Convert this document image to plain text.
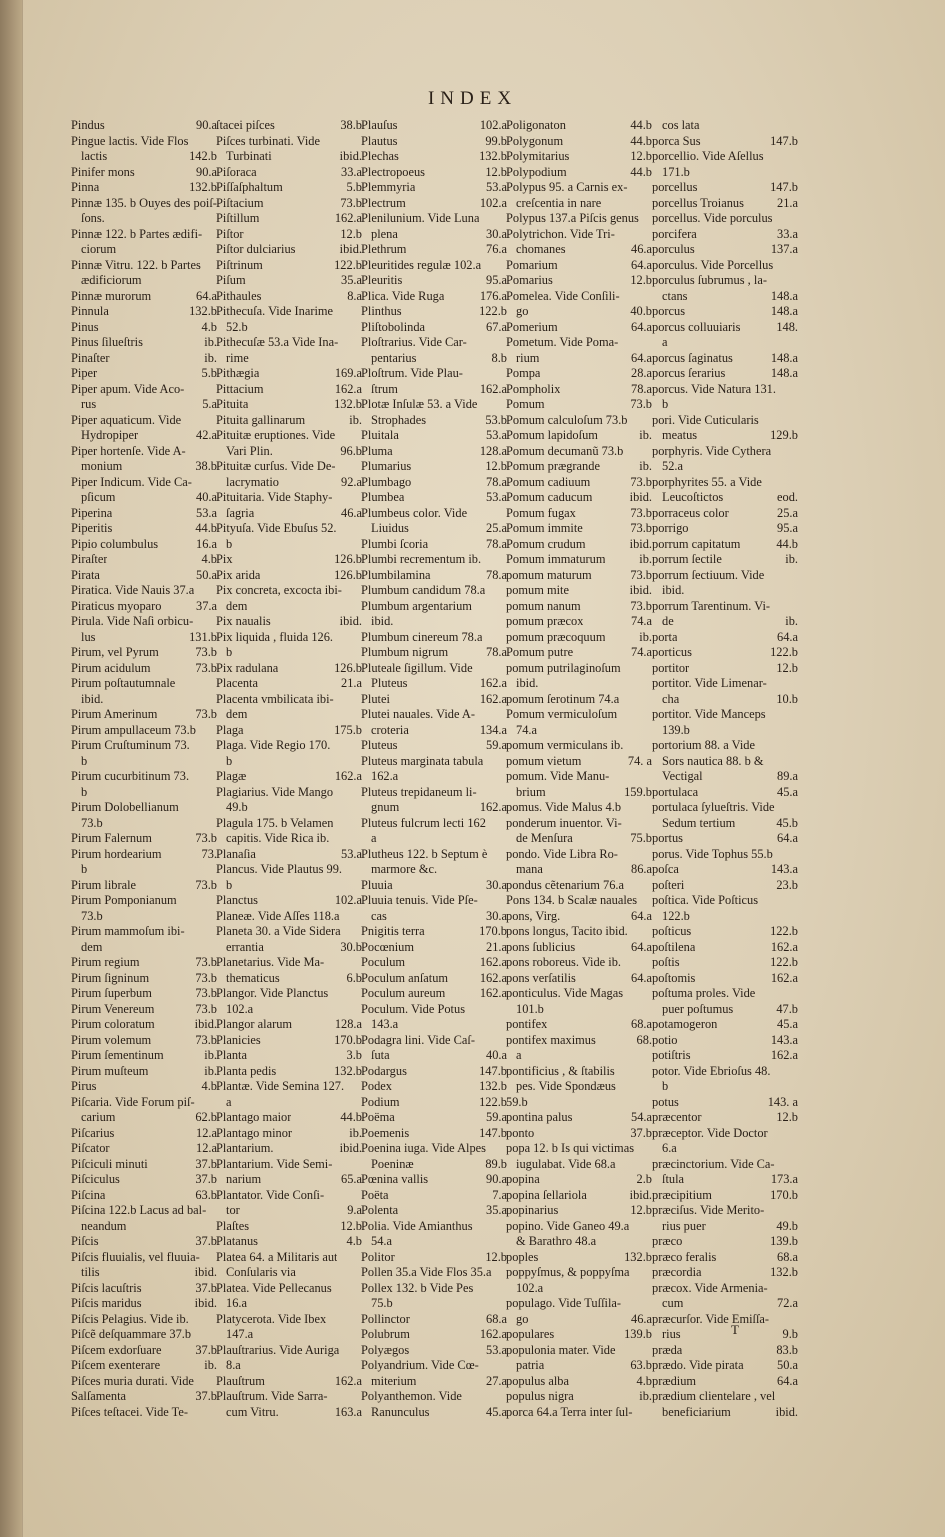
INDEX
Pindus	90.a
Pingue lactis. Vide Flos
lactis	142.b
Pinifer mons	90.a
Pinna	132.b
Pinnæ 135. b Ouyes des poiſ-
ſons.
Pinnæ 122. b Partes ædifi-
ciorum
Pinnæ Vitru. 122. b Partes
ædificiorum
Pinnæ murorum	64.a
Pinnula	132.b
Pinus	4.b
Pinus ſilueſtris	ib.
Pinaſter	ib.
Piper	5.b
Piper apum. Vide Aco-
rus	5.a
Piper aquaticum. Vide
Hydropiper	42.a
Piper hortenſe. Vide A-
monium	38.b
Piper Indicum. Vide Ca-
pſicum	40.a
Piperina	53.a
Piperitis	44.b
Pipio columbulus	16.a
Piraſter	4.b
Pirata	50.a
Piratica. Vide Nauis 37.a
Piraticus myoparo	37.a
Pirula. Vide Naſi orbicu-
lus	131.b
Pirum, vel Pyrum	73.b
Pirum acidulum	73.b
Pirum poſtautumnale
ibid.
Pirum Amerinum	73.b
Pirum ampullaceum 73.b
Pirum Cruſtuminum 73.
b
Pirum cucurbitinum 73.
b
Pirum Dolobellianum
73.b
Pirum Falernum	73.b
Pirum hordearium	73.
b
Pirum librale	73.b
Pirum Pomponianum
73.b
Pirum mammoſum ibi-
dem
Pirum regium	73.b
Pirum ſigninum	73.b
Pirum ſuperbum	73.b
Pirum Venereum	73.b
Pirum coloratum	ibid.
Pirum volemum	73.b
Pirum ſementinum	ib.
Pirum muſteum	ib.
Pirus	4.b
Piſcaria. Vide Forum piſ-
carium	62.b
Piſcarius	12.a
Piſcator	12.a
Piſciculi minuti	37.b
Piſciculus	37.b
Piſcina	63.b
Piſcina 122.b Lacus ad bal-
neandum
Piſcis	37.b
Piſcis fluuialis, vel fluuia-
tilis	ibid.
Piſcis lacuſtris	37.b
Piſcis maridus	ibid.
Piſcis Pelagius. Vide ib.
Piſcẽ deſquammare 37.b
Piſcem exdorſuare	37.b
Piſcem exenterare	ib.
Piſces muria durati. Vide
Salſamenta	37.b
Piſces teſtacei. Vide Te-
ſtacei piſces	38.b
Piſces turbinati. Vide
Turbinati	ibid.
Piſoraca	33.a
Piſſaſphaltum	5.b
Piſtacium	73.b
Piſtillum	162.a
Piſtor	12.b
Piſtor dulciarius	ibid.
Piſtrinum	122.b
Piſum	35.a
Pithaules	8.a
Pithecuſa. Vide Inarime
52.b
Pithecuſæ 53.a Vide Ina-
rime
Pithægia	169.a
Pittacium	162.a
Pituita	132.b
Pituita gallinarum	ib.
Pituitæ eruptiones. Vide
Vari Plin.	96.b
Pituitæ curſus. Vide De-
lacrymatio	92.a
Pituitaria. Vide Staphy-
ſagria	46.a
Pityuſa. Vide Ebuſus 52.
b
Pix	126.b
Pix arida	126.b
Pix concreta, excocta ibi-
dem
Pix naualis	ibid.
Pix liquida , fluida 126.
b
Pix radulana	126.b
Placenta	21.a
Placenta vmbilicata ibi-
dem
Plaga	175.b
Plaga. Vide Regio 170.
b
Plagæ	162.a
Plagiarius. Vide Mango
49.b
Plagula 175. b Velamen
capitis. Vide Rica ib.
Planaſia	53.a
Plancus. Vide Plautus 99.
b
Planctus	102.a
Planeæ. Vide Aſſes 118.a
Planeta 30. a Vide Sidera
errantia	30.b
Planetarius. Vide Ma-
thematicus	6.b
Plangor. Vide Planctus
102.a
Plangor alarum	128.a
Planicies	170.b
Planta	3.b
Planta pedis	132.b
Plantæ. Vide Semina 127.
a
Plantago maior	44.b
Plantago minor	ib.
Plantarium.	ibid.
Plantarium. Vide Semi-
narium	65.a
Plantator. Vide Conſi-
tor	9.a
Plaſtes	12.b
Platanus	4.b
Platea 64. a Militaris aut
Conſularis via
Platea. Vide Pellecanus
16.a
Platycerota. Vide Ibex
147.a
Plauſtrarius. Vide Auriga
8.a
Plauſtrum	162.a
Plauſtrum. Vide Sarra-
cum Vitru.	163.a
Plauſus	102.a
Plautus	99.b
Plechas	132.b
Plectropoeus	12.b
Plemmyria	53.a
Plectrum	102.a
Plenilunium. Vide Luna
plena	30.a
Plethrum	76.a
Pleuritides regulæ 102.a
Pleuritis	95.a
Plica. Vide Ruga	176.a
Plinthus	122.b
Pliſtobolinda	67.a
Ploſtrarius. Vide Car-
pentarius	8.b
Ploſtrum. Vide Plau-
ſtrum	162.a
Plotæ Inſulæ 53. a Vide
Strophades	53.b
Pluitala	53.a
Pluma	128.a
Plumarius	12.b
Plumbago	78.a
Plumbea	53.a
Plumbeus color. Vide
Liuidus	25.a
Plumbi ſcoria	78.a
Plumbi recrementum ib.
Plumbilamina	78.a
Plumbum candidum 78.a
Plumbum argentarium
ibid.
Plumbum cinereum 78.a
Plumbum nigrum	78.a
Pluteale ſigillum. Vide
Pluteus	162.a
Plutei	162.a
Plutei nauales. Vide A-
croteria	134.a
Pluteus	59.a
Pluteus marginata tabula
162.a
Pluteus trepidaneum li-
gnum	162.a
Pluteus fulcrum lecti 162
a
Plutheus 122. b Septum è
marmore &c.
Pluuia	30.a
Pluuia tenuis. Vide Pſe-
cas	30.a
Pnigitis terra	170.b
Pocœnium	21.a
Poculum	162.a
Poculum anſatum	162.a
Poculum aureum	162.a
Poculum. Vide Potus
143.a
Podagra lini. Vide Caſ-
ſuta	40.a
Podargus	147.b
Podex	132.b
Podium	122.b
Poëma	59.a
Poemenis	147.b
Poenina iuga. Vide Alpes
Poeninæ	89.b
Pœnina vallis	90.a
Poëta	7.a
Polenta	35.a
Polia. Vide Amianthus
54.a
Politor	12.b
Pollen 35.a Vide Flos 35.a
Pollex 132. b Vide Pes
75.b
Pollinctor	68.a
Polubrum	162.a
Polyægos	53.a
Polyandrium. Vide Cœ-
miterium	27.a
Polyanthemon. Vide
Ranunculus	45.a
Poligonaton	44.b
Polygonum	44.b
Polymitarius	12.b
Polypodium	44.b
Polypus 95. a Carnis ex-
creſcentia in nare
Polypus 137.a Piſcis genus
Polytrichon. Vide Tri-
chomanes	46.a
Pomarium	64.a
Pomarius	12.b
Pomelea. Vide Conſili-
go	40.b
Pomerium	64.a
Pometum. Vide Poma-
rium	64.a
Pompa	28.a
Pompholix	78.a
Pomum	73.b
Pomum calculoſum 73.b
Pomum lapidoſum	ib.
Pomum decumanũ 73.b
Pomum prægrande	ib.
Pomum cadiuum	73.b
Pomum caducum	ibid.
Pomum fugax	73.b
Pomum immite	73.b
Pomum crudum	ibid.
Pomum immaturum	ib.
pomum maturum	73.b
pomum mite	ibid.
pomum nanum	73.b
pomum præcox	74.a
pomum præcoquum	ib.
Pomum putre	74.a
pomum putrilaginoſum
ibid.
pomum ſerotinum 74.a
Pomum vermiculoſum
74.a
pomum vermiculans ib.
pomum vietum	74. a
pomum. Vide Manu-
brium	159.b
pomus. Vide Malus 4.b
ponderum inuentor. Vi-
de Menſura	75.b
pondo. Vide Libra Ro-
mana	86.a
pondus cẽtenarium 76.a
Pons 134. b Scalæ nauales
pons, Virg.	64.a
pons longus, Tacito ibid.
pons ſublicius	64.a
pons roboreus. Vide ib.
pons verſatilis	64.a
ponticulus. Vide Magas
101.b
pontifex	68.a
pontifex maximus	68.
a
pontificius , & ſtabilis
pes. Vide Spondæus
59.b
pontina palus	54.a
ponto	37.b
popa 12. b Is qui victimas
iugulabat. Vide 68.a
popina	2.b
popina ſellariola	ibid.
popinarius	12.b
popino. Vide Ganeo 49.a
& Barathro 48.a
poples	132.b
poppyſmus, & poppyſma
102.a
populago. Vide Tuſſila-
go	46.a
populares	139.b
populonia mater. Vide
patria	63.b
populus alba	4.b
populus nigra	ib.
porca 64.a Terra inter ſul-
cos lata
porca Sus	147.b
porcellio. Vide Aſellus
171.b
porcellus	147.b
porcellus Troianus	21.a
porcellus. Vide porculus
porcifera	33.a
porculus	137.a
porculus. Vide Porcellus
porculus ſubrumus , la-
ctans	148.a
porcus	148.a
porcus colluuiaris	148.
a
porcus ſaginatus	148.a
porcus ſerarius	148.a
porcus. Vide Natura 131.
b
pori. Vide Cuticularis
meatus	129.b
porphyris. Vide Cythera
52.a
porphyrites 55. a Vide
Leucoſtictos	eod.
porraceus color	25.a
porrigo	95.a
porrum capitatum	44.b
porrum ſectile	ib.
porrum ſectiuum. Vide
ibid.
porrum Tarentinum. Vi-
de	ib.
porta	64.a
porticus	122.b
portitor	12.b
portitor. Vide Limenar-
cha	10.b
portitor. Vide Manceps
139.b
portorium 88. a Vide
Sors nautica 88. b &
Vectigal	89.a
portulaca	45.a
portulaca ſylueſtris. Vide
Sedum tertium	45.b
portus	64.a
porus. Vide Tophus 55.b
poſca	143.a
poſteri	23.b
poſtica. Vide Poſticus
122.b
poſticus	122.b
poſtilena	162.a
poſtis	122.b
poſtomis	162.a
poſtuma proles. Vide
puer poſtumus	47.b
potamogeron	45.a
potio	143.a
potiſtris	162.a
potor. Vide Ebrioſus 48.
b
potus	143. a
præcentor	12.b
præceptor. Vide Doctor
6.a
præcinctorium. Vide Ca-
ſtula	173.a
præcipitium	170.b
præciſus. Vide Merito-
rius puer	49.b
præco	139.b
præco feralis	68.a
præcordia	132.b
præcox. Vide Armenia-
cum	72.a
præcurſor. Vide Emiſſa-
rius	9.b
præda	83.b
prædo. Vide pirata	50.a
prædium	64.a
prædium clientelare , vel
beneficiarium	ibid.
T
